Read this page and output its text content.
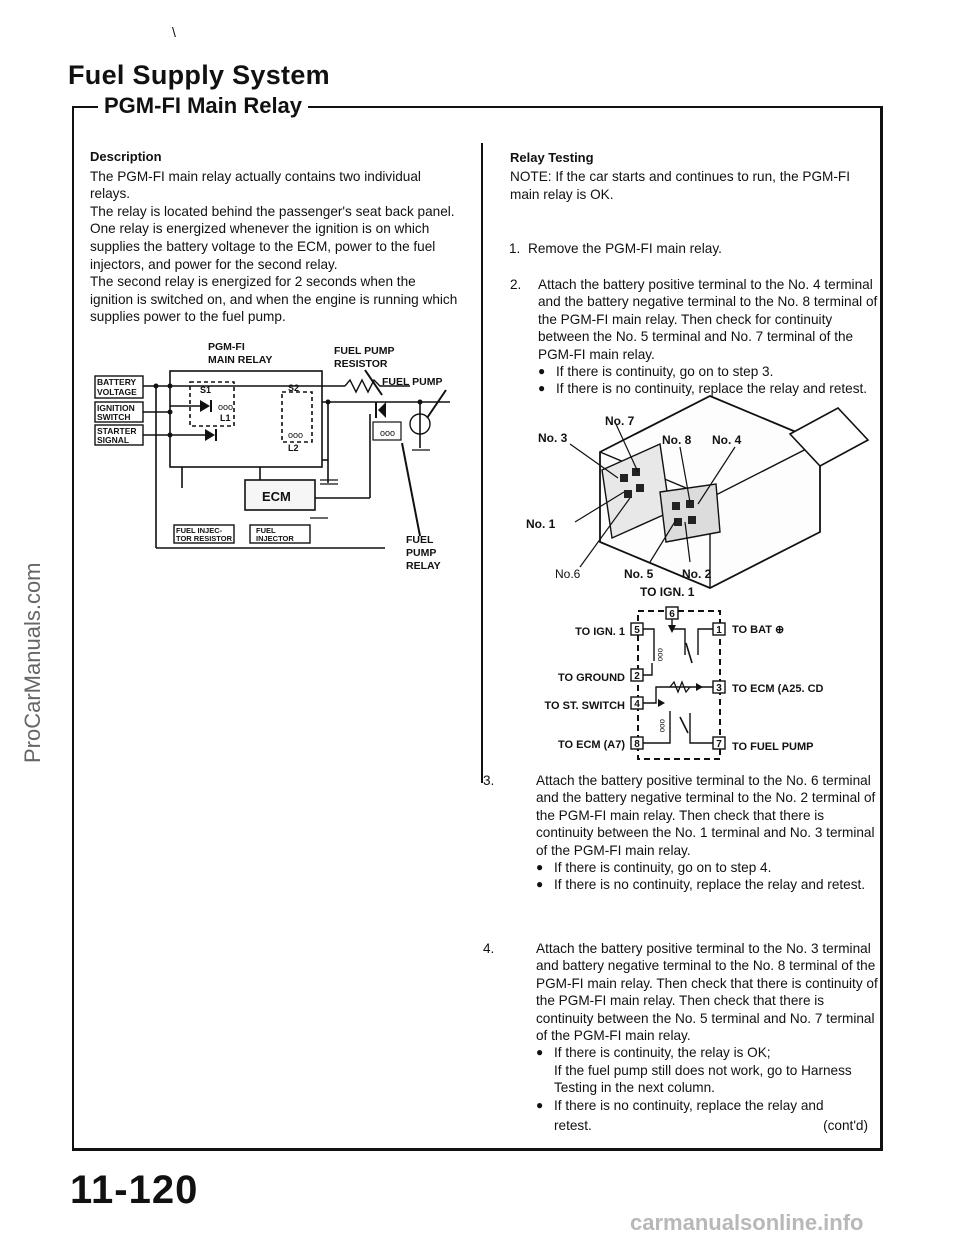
\
Fuel Supply System
PGM-FI Main Relay
Description

The PGM-FI main relay actually contains two individual relays.

The relay is located behind the passenger's seat back panel.

One relay is energized whenever the ignition is on which supplies the battery voltage to the ECM, power to the fuel injectors, and power for the second relay.

The second relay is energized for 2 seconds when the ignition is switched on, and when the engine is running which supplies power to the fuel pump.

PGM-FI
MAIN RELAY
FUEL PUMP
RESISTOR
FUEL PUMP
BATTERY
VOLTAGE
IGNITION
SWITCH
STARTER
SIGNAL
ooo
ooo	ooo
S1	S2
L1
L2
ECM
FUEL INJEC-
TOR RESISTOR
FUEL
INJECTOR	FUEL
PUMP
RELAY
Relay Testing
NOTE: If the car starts and continues to run, the PGM-FI main relay is OK.
1. Remove the PGM-FI main relay.
2.	Attach the battery positive terminal to the No. 4 terminal and the battery negative terminal to the No. 8 terminal of the PGM-FI main relay. Then check for continuity between the No. 5 terminal and No. 7 terminal of the PGM-FI main relay.
● If there is continuity, go on to step 3.
● If there is no continuity, replace the relay and retest.
No. 7
No. 3	No. 8 No. 4
No. 1
No. 5 No. 2
TO IGN. 1
No.6
6
5	1
2
3
4
8	7
ooo
ooo
TO IGN. 1
TO GROUND
TO ST. SWITCH
TO ECM (A7)
TO BAT ⊕
TO ECM (A25. CD
TO FUEL PUMP
3.	Attach the battery positive terminal to the No. 6 terminal and the battery negative terminal to the No. 2 terminal of the PGM-FI main relay. Then check that there is continuity between the No. 1 terminal and No. 3 terminal of the PGM-FI main relay.
● If there is continuity, go on to step 4.
● If there is no continuity, replace the relay and retest.
4.	Attach the battery positive terminal to the No. 3 terminal and battery negative terminal to the No. 8 terminal of the PGM-FI main relay. Then check that there is continuity of the PGM-FI main relay. Then check that there is continuity between the No. 5 terminal and No. 7 terminal of the PGM-FI main relay.
● If there is continuity, the relay is OK;
If the fuel pump still does not work, go to Harness Testing in the next column.
● If there is no continuity, replace the relay and
retest.	(cont'd)
11-120
ProCarManuals.com
carmanualsonline.info
